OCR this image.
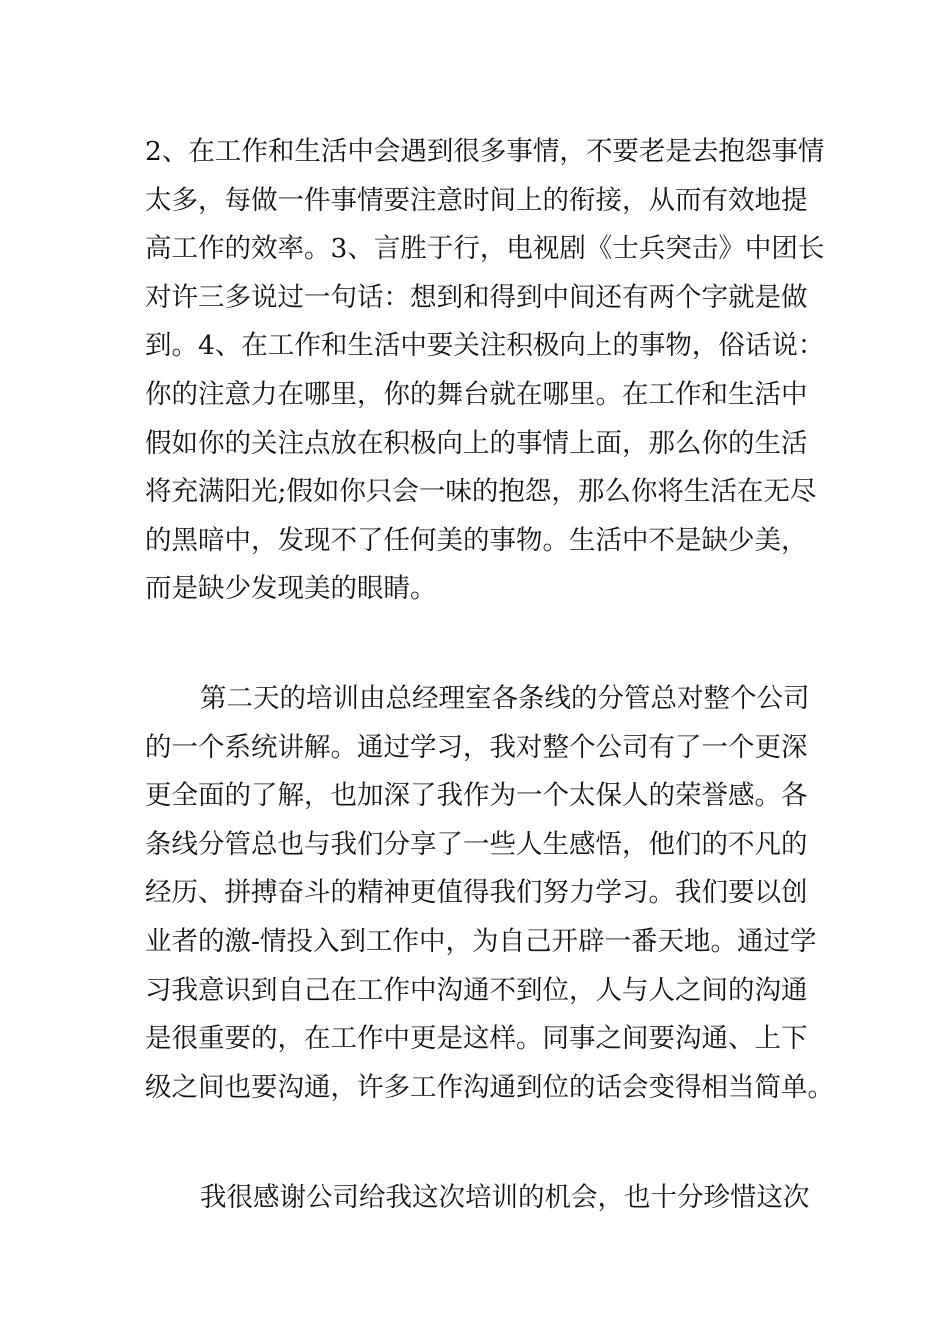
2、在工作和生活中会遇到很多事情，不要老是去抱怨事情
太多，每做一件事情要注意时间上的衔接，从而有效地提
高工作的效率。3、言胜于行，电视剧《士兵突击》中团长
对许三多说过一句话：想到和得到中间还有两个字就是做
到。4、在工作和生活中要关注积极向上的事物，俗话说：
你的注意力在哪里，你的舞台就在哪里。在工作和生活中
假如你的关注点放在积极向上的事情上面，那么你的生活
将充满阳光;假如你只会一味的抱怨，那么你将生活在无尽
的黑暗中，发现不了任何美的事物。生活中不是缺少美，
而是缺少发现美的眼睛。
第二天的培训由总经理室各条线的分管总对整个公司
的一个系统讲解。通过学习，我对整个公司有了一个更深
更全面的了解，也加深了我作为一个太保人的荣誉感。各
条线分管总也与我们分享了一些人生感悟，他们的不凡的
经历、拼搏奋斗的精神更值得我们努力学习。我们要以创
业者的激-情投入到工作中，为自己开辟一番天地。通过学
习我意识到自己在工作中沟通不到位，人与人之间的沟通
是很重要的，在工作中更是这样。同事之间要沟通、上下
级之间也要沟通，许多工作沟通到位的话会变得相当简单。
我很感谢公司给我这次培训的机会，也十分珍惜这次
